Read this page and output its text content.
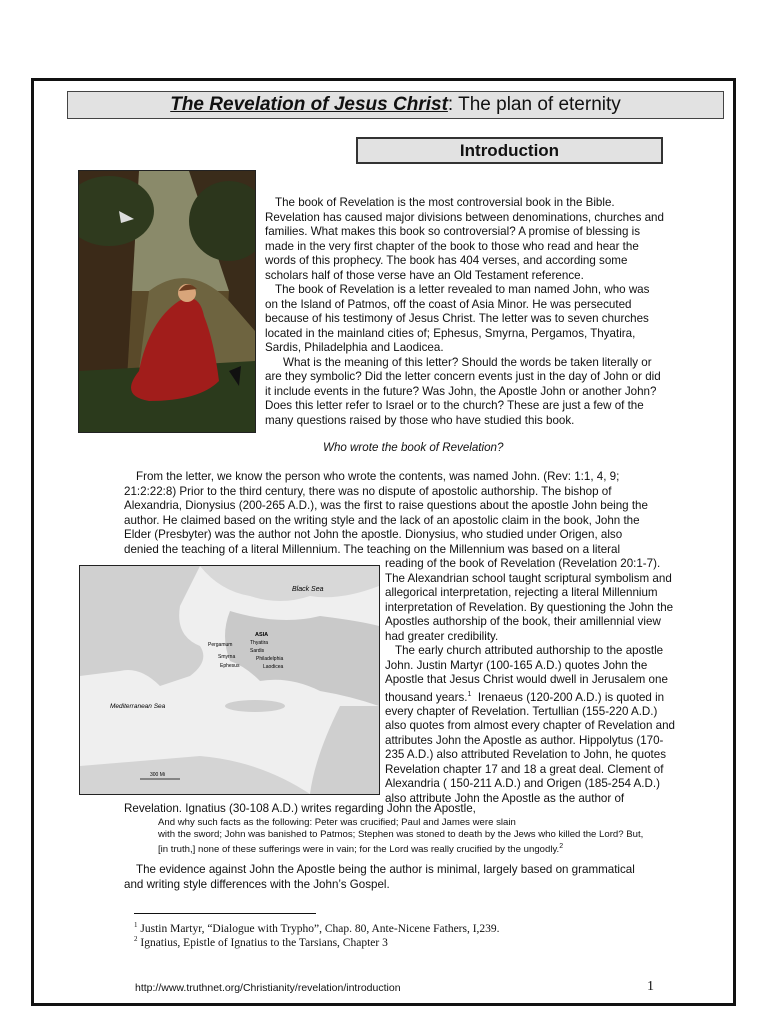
The Revelation of Jesus Christ: The plan of eternity
Introduction

The book of Revelation is the most controversial book in the Bible.

Revelation has caused major divisions between denominations, churches and

families. What makes this book so controversial? A promise of blessing is

made in the very first chapter of the book to those who read and hear the

words of this prophecy. The book has 404 verses, and according some

scholars half of those verse have an Old Testament reference.

The book of Revelation is a letter revealed to man named John, who was

on the Island of Patmos, off the coast of Asia Minor. He was persecuted

because of his testimony of Jesus Christ. The letter was to seven churches

located in the mainland cities of; Ephesus, Smyrna, Pergamos, Thyatira,

Sardis, Philadelphia and Laodicea.

What is the meaning of this letter? Should the words be taken literally or

are they symbolic? Did the letter concern events just in the day of John or did

it include events in the future? Was John, the Apostle John or another John?

Does this letter refer to Israel or to the church? These are just a few of the

many questions raised by those who have studied this book.

Who wrote the book of Revelation?

From the letter, we know the person who wrote the contents, was named John. (Rev: 1:1, 4, 9;

21:2:22:8) Prior to the third century, there was no dispute of apostolic authorship. The bishop of

Alexandria, Dionysius (200-265 A.D.), was the first to raise questions about the apostle John being the

author. He claimed based on the writing style and the lack of an apostolic claim in the book, John the

Elder (Presbyter) was the author not John the apostle. Dionysius, who studied under Origen, also

denied the teaching of a literal Millennium. The teaching on the Millennium was based on a literal

Black Sea
Mediterranean Sea
ASIA
Pergamum	Thyatira
Sardis
Smyrna	Philadelphia
Ephesus	Laodicea
300 Mi

reading of the book of Revelation (Revelation 20:1-7).

The Alexandrian school taught scriptural symbolism and

allegorical interpretation, rejecting a literal Millennium

interpretation of Revelation. By questioning the John the

Apostles authorship of the book, their amillennial view

had greater credibility.

The early church attributed authorship to the apostle

John. Justin Martyr (100-165 A.D.) quotes John the

Apostle that Jesus Christ would dwell in Jerusalem one

thousand years.$^1$ Irenaeus (120-200 A.D.) is quoted in

every chapter of Revelation. Tertullian (155-220 A.D.)

also quotes from almost every chapter of Revelation and

attributes John the Apostle as author. Hippolytus (170-

235 A.D.) also attributed Revelation to John, he quotes

Revelation chapter 17 and 18 a great deal. Clement of

Alexandria ( 150-211 A.D.) and Origen (185-254 A.D.)

also attribute John the Apostle as the author of

Revelation. Ignatius (30-108 A.D.) writes regarding John the Apostle,

And why such facts as the following: Peter was crucified; Paul and James were slain

with the sword; John was banished to Patmos; Stephen was stoned to death by the Jews who killed the Lord? But,

[in truth,] none of these sufferings were in vain; for the Lord was really crucified by the ungodly.$^2$

The evidence against John the Apostle being the author is minimal, largely based on grammatical

and writing style differences with the John’s Gospel.

$^1$ Justin Martyr, “Dialogue with Trypho”, Chap. 80, Ante-Nicene Fathers, I,239.
$^2$ Ignatius, Epistle of Ignatius to the Tarsians, Chapter 3
http://www.truthnet.org/Christianity/revelation/introduction	1
